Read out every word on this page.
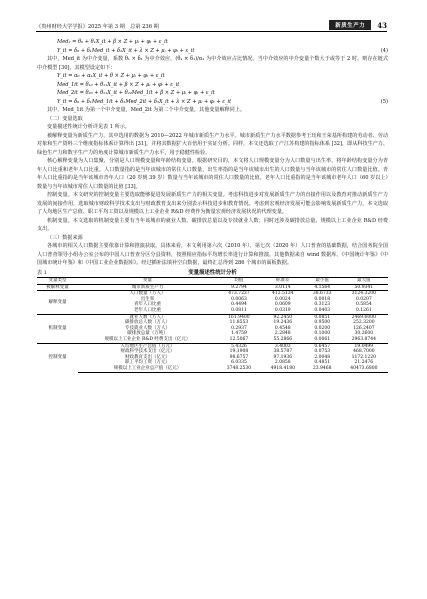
《贵州财经大学学报》2025 年第 3 期　总第 236 期	新质生产力	43
Med₂ = θ₀ + θ₁X_it + β × Z + μᵢ + φₜ + ε_it
Y_it = δ₀ + δ₁Med_it + δ₂X_it + λ × Z + μᵢ + φₜ + ε_it	(4)

其中，Med_it 为中介变量，系数 θ₁ × δ₁ 为中介效应，(θ₁ × δ₁)/α₁ 为中介效应占比情况。当中介效应的中介变量个数大于或等于 2 时，则存在链式中介模型 [30]，其模型设定如下：

Y_it = α₀ + α₁X_it + θ × Z + μᵢ + φₜ + ε_it
Med_1it = θ₁₀ + θ₁₁X_it + β × Z + μᵢ + φₜ + ε_it
Med_2it = θ₂₀ + θ₂₁X_it + θ₂₂Med_1it + β × Z + μᵢ + φₜ + ε_it
Y_it = δ₀ + δ₁Med_1it + δ₂Med_2it + δ₃X_it + λ × Z + μᵢ + φₜ + ε_it	(5)

其中，Med_1it 为第一个中介变量，Med_2it 为第二个中介变量，其他变量解释同上。

（二）变量选取

变量描述性统计分析详见表 1 所示。

被解释变量为新质生产力，其中选用的数据为 2010—2022 年城市新质生产力水平。城市新质生产力水平数据参考王珏和王荣基所构建的劳动者、劳动对象和生产资料三个维度指标体系计算得出 [31]，并将其数据扩大百倍用于实证分析。同样，本文还选取了产江苏构建的指标体系 [32]，即从科技生产力、绿色生产力和数字生产力的角度计算城市新质生产力水平，用于稳健性检验。

核心解释变量为人口集聚，分别是人口规模变量和年龄结构变量。根据研究目的，本文将人口规模变量分为人口数量与出生率，将年龄结构变量分为青年人口比重和老年人口比重。人口数量指的是当年该城市的常住人口数量，出生率指的是当年该城市出生的人口数量与当年该城市的常住人口数量比值。青年人口比重指的是当年该城市青年人口（20 岁到 39 岁）数量与当年该城市的常住人口数量的比值。老年人口比重指的是当年该城市老年人口（60 岁以上）数量与当年该城市常住人口数量的比值 [33]。

控制变量。本文研究的控制变量主要选取能够促进发展新质生产力的相关变量。考虑科技进步对发展新质生产力的直接作用以及教育对推动新质生产力发展的间接作用，选取城市财政科学技术支出与财政教育支出来分别表示科技进步和教育情况。考虑到宏观经济发展可能会影响发展新质生产力，本文选取了人均地区生产总值、职工平均工资以及规模以上工业企业 R&D 经费作为衡量宏观经济发展状况的代理变量。

机制变量。本文选取的机制变量主要有当年该城市的就业人数、碳排放总量以及专技就业人数；同时还涉及碳排放总量、规模以上工业企业 R&D 经费支出。

（三）数据来源

各城市的相关人口数据主要依靠计算和推演获取。具体来看，本文利用第六次（2010 年）、第七次（2020 年）人口普查的基础数据，结合国务院全国人口普查领导小组办公室公布的中国人口普查分区分县资料，按照相应指标平均增长率进行计算和推演。其他数据来自 wind 数据库、《中国统计年鉴》《中国城市统计年鉴》和《中国工业企业数据库》。经过插补法填补空白数据，最终汇总得到 286 个城市的面板数据。

表 1	变量描述性统计分析

变量类型	变量	均值	标准差	最小值	最大值
被解释变量	城市新质生产力	9.2794	3.0114	4.1564	50.9341
解释变量	人口数量（万人）	473.7237	412.5134	38.6733	3124.3200
	出生率	0.0063	0.0024	0.0018	0.0207
	青年人口比重	0.4494	0.0609	0.3123	0.5854
	老年人口比重	0.0811	0.0319	0.0403	0.1261
机制变量	就业人数（万人）	161.9400	92.2450	0.0851	2469.6000
	碳排放总人数（万人）	11.8553	19.2436	0.9500	252.3200
	专技就业人数（万人）	0.2937	0.4548	0.0200	126.2407
	碳排放总量（万吨）	1.4759	2.2848	0.1000	30.2600
	规模以上工业企业 R&D 经费支出（亿元）	12.5067	55.2866	0.0061	2963.8744
控制变量	人均地区生产总值（万元）	5.4326	3.4003	0.6457	19.0499
	财政科学技术支出（亿元）	19.1908	38.5787	0.0753	468.7000
	财政教育支出（亿元）	98.6757	97.1936	2.0048	1172.1220
	职工平均工资（万元）	6.0335	2.0858	0.4851	21.2476
	规模以上工业企业总产值（亿元）	3748.2530	4918.4180	23.9468	40473.6800
